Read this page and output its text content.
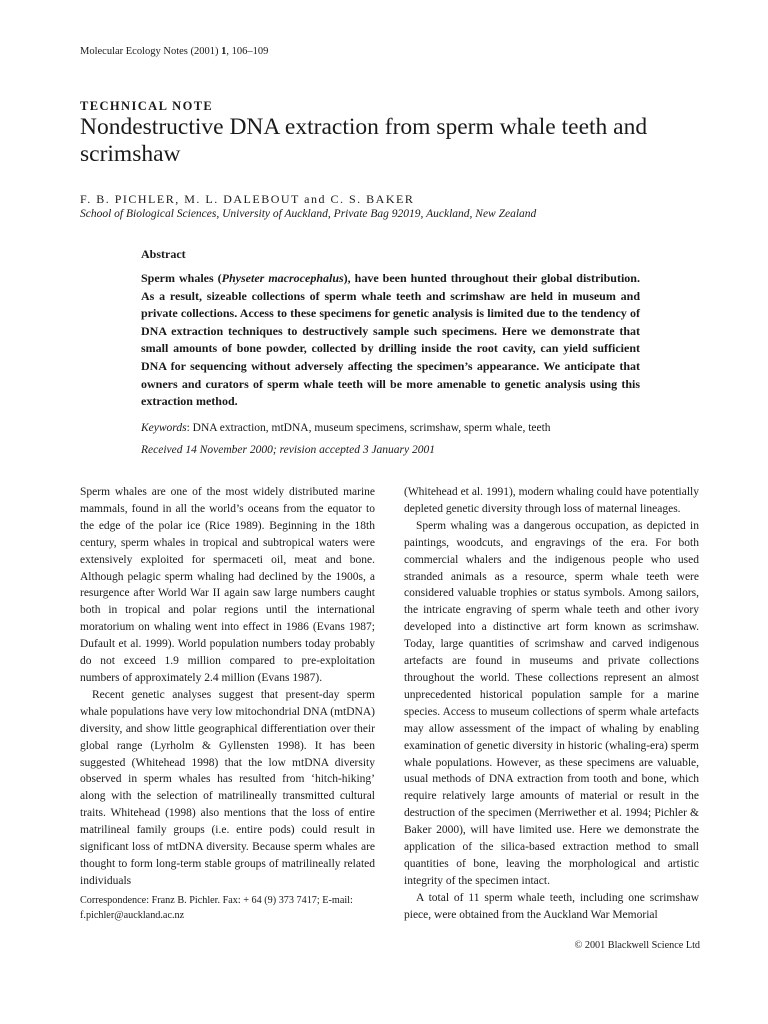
Molecular Ecology Notes (2001) 1, 106–109
TECHNICAL NOTE
Nondestructive DNA extraction from sperm whale teeth and scrimshaw
F. B. PICHLER, M. L. DALEBOUT and C. S. BAKER
School of Biological Sciences, University of Auckland, Private Bag 92019, Auckland, New Zealand
Abstract
Sperm whales (Physeter macrocephalus), have been hunted throughout their global distribution. As a result, sizeable collections of sperm whale teeth and scrimshaw are held in museum and private collections. Access to these specimens for genetic analysis is limited due to the tendency of DNA extraction techniques to destructively sample such specimens. Here we demonstrate that small amounts of bone powder, collected by drilling inside the root cavity, can yield sufficient DNA for sequencing without adversely affecting the specimen’s appearance. We anticipate that owners and curators of sperm whale teeth will be more amenable to genetic analysis using this extraction method.
Keywords: DNA extraction, mtDNA, museum specimens, scrimshaw, sperm whale, teeth
Received 14 November 2000; revision accepted 3 January 2001

Sperm whales are one of the most widely distributed marine mammals, found in all the world’s oceans from the equator to the edge of the polar ice (Rice 1989). Beginning in the 18th century, sperm whales in tropical and subtropical waters were extensively exploited for spermaceti oil, meat and bone. Although pelagic sperm whaling had declined by the 1900s, a resurgence after World War II again saw large numbers caught both in tropical and polar regions until the international moratorium on whaling went into effect in 1986 (Evans 1987; Dufault et al. 1999). World population numbers today probably do not exceed 1.9 million compared to pre-exploitation numbers of approximately 2.4 million (Evans 1987).

Recent genetic analyses suggest that present-day sperm whale populations have very low mitochondrial DNA (mtDNA) diversity, and show little geographical differentiation over their global range (Lyrholm & Gyllensten 1998). It has been suggested (Whitehead 1998) that the low mtDNA diversity observed in sperm whales has resulted from ‘hitch-hiking’ along with the selection of matrilineally transmitted cultural traits. Whitehead (1998) also mentions that the loss of entire matrilineal family groups (i.e. entire pods) could result in significant loss of mtDNA diversity. Because sperm whales are thought to form long-term stable groups of matrilineally related individuals

(Whitehead et al. 1991), modern whaling could have potentially depleted genetic diversity through loss of maternal lineages.

Sperm whaling was a dangerous occupation, as depicted in paintings, woodcuts, and engravings of the era. For both commercial whalers and the indigenous people who used stranded animals as a resource, sperm whale teeth were considered valuable trophies or status symbols. Among sailors, the intricate engraving of sperm whale teeth and other ivory developed into a distinctive art form known as scrimshaw. Today, large quantities of scrimshaw and carved indigenous artefacts are found in museums and private collections throughout the world. These collections represent an almost unprecedented historical population sample for a marine species. Access to museum collections of sperm whale artefacts may allow assessment of the impact of whaling by enabling examination of genetic diversity in historic (whaling-era) sperm whale populations. However, as these specimens are valuable, usual methods of DNA extraction from tooth and bone, which require relatively large amounts of material or result in the destruction of the specimen (Merriwether et al. 1994; Pichler & Baker 2000), will have limited use. Here we demonstrate the application of the silica-based extraction method to small quantities of bone, leaving the morphological and artistic integrity of the specimen intact.

A total of 11 sperm whale teeth, including one scrimshaw piece, were obtained from the Auckland War Memorial

Correspondence: Franz B. Pichler. Fax: + 64 (9) 373 7417; E-mail: f.pichler@auckland.ac.nz
© 2001 Blackwell Science Ltd
